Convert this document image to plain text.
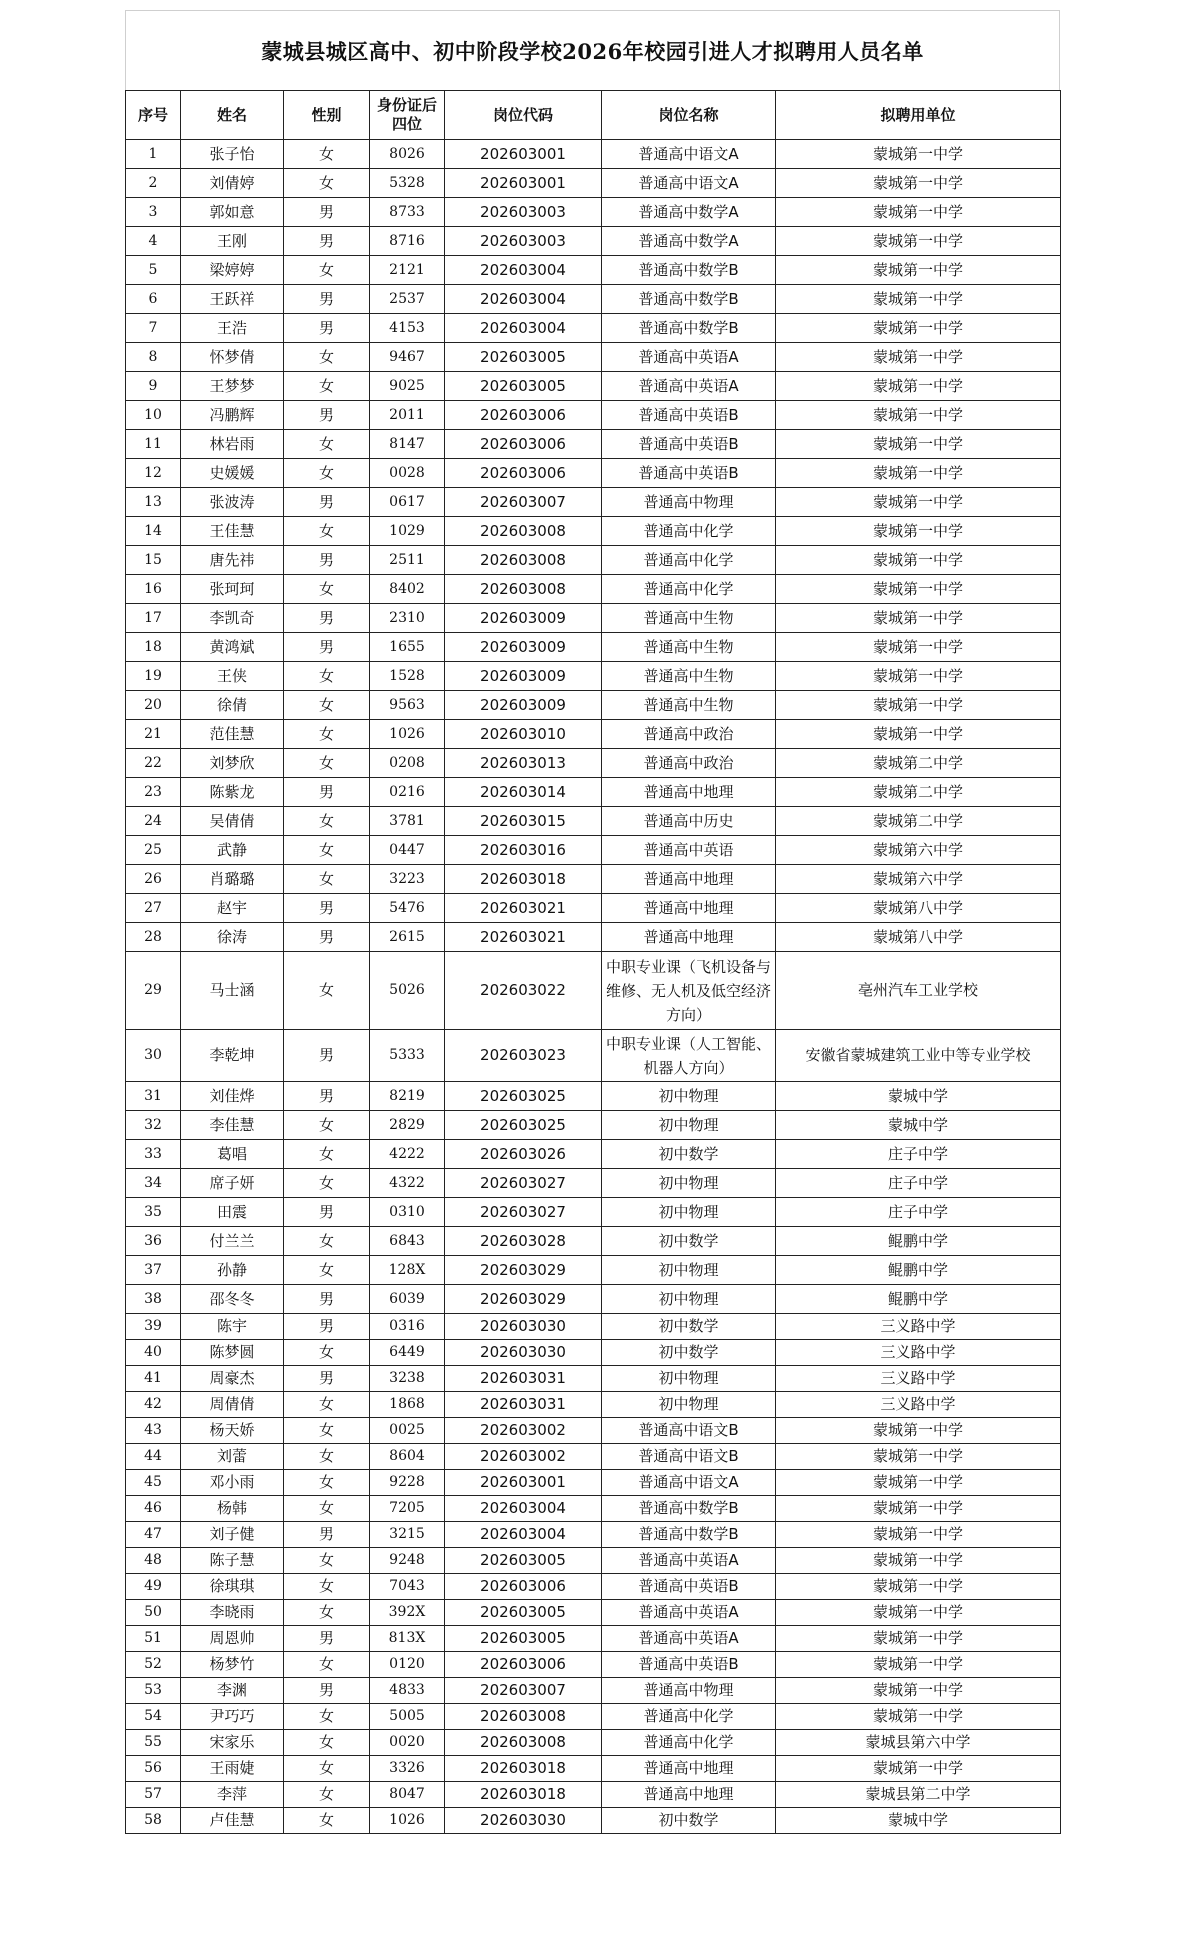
蒙城县城区高中、初中阶段学校2026年校园引进人才拟聘用人员名单
序号	姓名	性别	身份证后四位	岗位代码	岗位名称	拟聘用单位
1	张子怡	女	8026	202603001	普通高中语文A	蒙城第一中学
2	刘倩婷	女	5328	202603001	普通高中语文A	蒙城第一中学
3	郭如意	男	8733	202603003	普通高中数学A	蒙城第一中学
4	王刚	男	8716	202603003	普通高中数学A	蒙城第一中学
5	梁婷婷	女	2121	202603004	普通高中数学B	蒙城第一中学
6	王跃祥	男	2537	202603004	普通高中数学B	蒙城第一中学
7	王浩	男	4153	202603004	普通高中数学B	蒙城第一中学
8	怀梦倩	女	9467	202603005	普通高中英语A	蒙城第一中学
9	王梦梦	女	9025	202603005	普通高中英语A	蒙城第一中学
10	冯鹏辉	男	2011	202603006	普通高中英语B	蒙城第一中学
11	林岩雨	女	8147	202603006	普通高中英语B	蒙城第一中学
12	史媛媛	女	0028	202603006	普通高中英语B	蒙城第一中学
13	张波涛	男	0617	202603007	普通高中物理	蒙城第一中学
14	王佳慧	女	1029	202603008	普通高中化学	蒙城第一中学
15	唐先祎	男	2511	202603008	普通高中化学	蒙城第一中学
16	张珂珂	女	8402	202603008	普通高中化学	蒙城第一中学
17	李凯奇	男	2310	202603009	普通高中生物	蒙城第一中学
18	黄鸿斌	男	1655	202603009	普通高中生物	蒙城第一中学
19	王侠	女	1528	202603009	普通高中生物	蒙城第一中学
20	徐倩	女	9563	202603009	普通高中生物	蒙城第一中学
21	范佳慧	女	1026	202603010	普通高中政治	蒙城第一中学
22	刘梦欣	女	0208	202603013	普通高中政治	蒙城第二中学
23	陈紫龙	男	0216	202603014	普通高中地理	蒙城第二中学
24	吴倩倩	女	3781	202603015	普通高中历史	蒙城第二中学
25	武静	女	0447	202603016	普通高中英语	蒙城第六中学
26	肖璐璐	女	3223	202603018	普通高中地理	蒙城第六中学
27	赵宇	男	5476	202603021	普通高中地理	蒙城第八中学
28	徐涛	男	2615	202603021	普通高中地理	蒙城第八中学
29	马士涵	女	5026	202603022	中职专业课（飞机设备与维修、无人机及低空经济方向）	亳州汽车工业学校
30	李乾坤	男	5333	202603023	中职专业课（人工智能、机器人方向）	安徽省蒙城建筑工业中等专业学校
31	刘佳烨	男	8219	202603025	初中物理	蒙城中学
32	李佳慧	女	2829	202603025	初中物理	蒙城中学
33	葛唱	女	4222	202603026	初中数学	庄子中学
34	席子妍	女	4322	202603027	初中物理	庄子中学
35	田震	男	0310	202603027	初中物理	庄子中学
36	付兰兰	女	6843	202603028	初中数学	鲲鹏中学
37	孙静	女	128X	202603029	初中物理	鲲鹏中学
38	邵冬冬	男	6039	202603029	初中物理	鲲鹏中学
39	陈宇	男	0316	202603030	初中数学	三义路中学
40	陈梦圆	女	6449	202603030	初中数学	三义路中学
41	周豪杰	男	3238	202603031	初中物理	三义路中学
42	周倩倩	女	1868	202603031	初中物理	三义路中学
43	杨天娇	女	0025	202603002	普通高中语文B	蒙城第一中学
44	刘蕾	女	8604	202603002	普通高中语文B	蒙城第一中学
45	邓小雨	女	9228	202603001	普通高中语文A	蒙城第一中学
46	杨韩	女	7205	202603004	普通高中数学B	蒙城第一中学
47	刘子健	男	3215	202603004	普通高中数学B	蒙城第一中学
48	陈子慧	女	9248	202603005	普通高中英语A	蒙城第一中学
49	徐琪琪	女	7043	202603006	普通高中英语B	蒙城第一中学
50	李晓雨	女	392X	202603005	普通高中英语A	蒙城第一中学
51	周恩帅	男	813X	202603005	普通高中英语A	蒙城第一中学
52	杨梦竹	女	0120	202603006	普通高中英语B	蒙城第一中学
53	李渊	男	4833	202603007	普通高中物理	蒙城第一中学
54	尹巧巧	女	5005	202603008	普通高中化学	蒙城第一中学
55	宋家乐	女	0020	202603008	普通高中化学	蒙城县第六中学
56	王雨婕	女	3326	202603018	普通高中地理	蒙城第一中学
57	李萍	女	8047	202603018	普通高中地理	蒙城县第二中学
58	卢佳慧	女	1026	202603030	初中数学	蒙城中学
